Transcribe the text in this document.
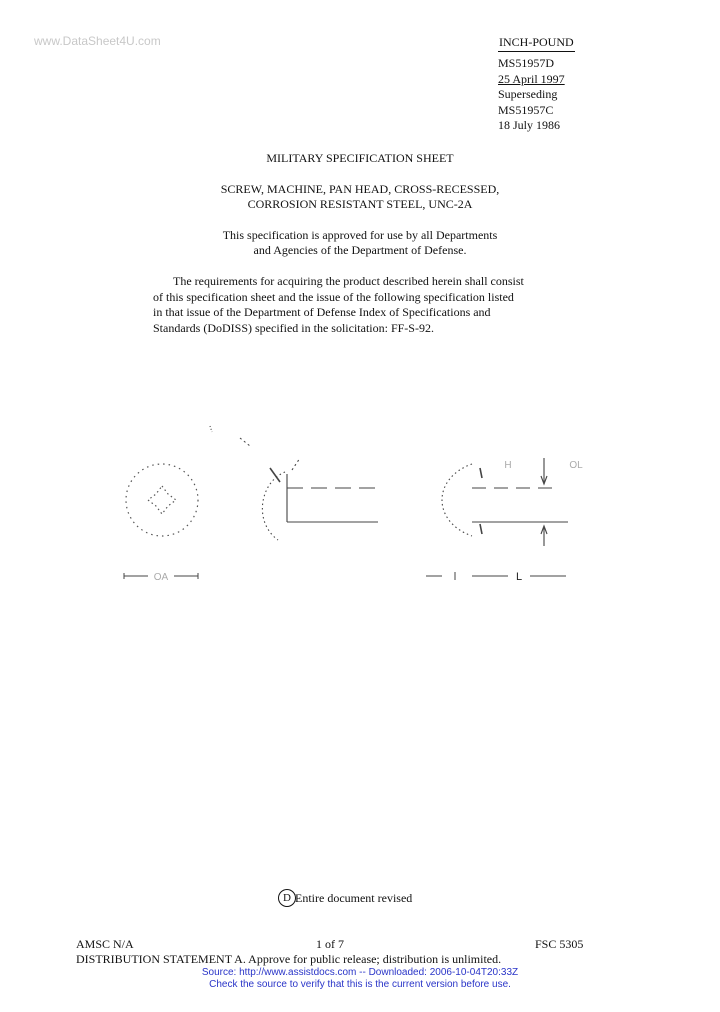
www.DataSheet4U.com	INCH-POUND
MS51957D
25 April 1997
Superseding
MS51957C
18 July 1986
MILITARY SPECIFICATION SHEET
SCREW, MACHINE, PAN HEAD, CROSS-RECESSED,
CORROSION RESISTANT STEEL, UNC-2A
This specification is approved for use by all Departments
and Agencies of the Department of Defense.
The requirements for acquiring the product described herein shall consist
of this specification sheet and the issue of the following specification listed
in that issue of the Department of Defense Index of Specifications and
Standards (DoDISS) specified in the solicitation: FF-S-92.
OA
H	OL
L
D Entire document revised
AMSC N/A	1 of 7	FSC 5305
DISTRIBUTION STATEMENT A. Approve for public release; distribution is unlimited.
Source: http://www.assistdocs.com -- Downloaded: 2006-10-04T20:33Z
Check the source to verify that this is the current version before use.
